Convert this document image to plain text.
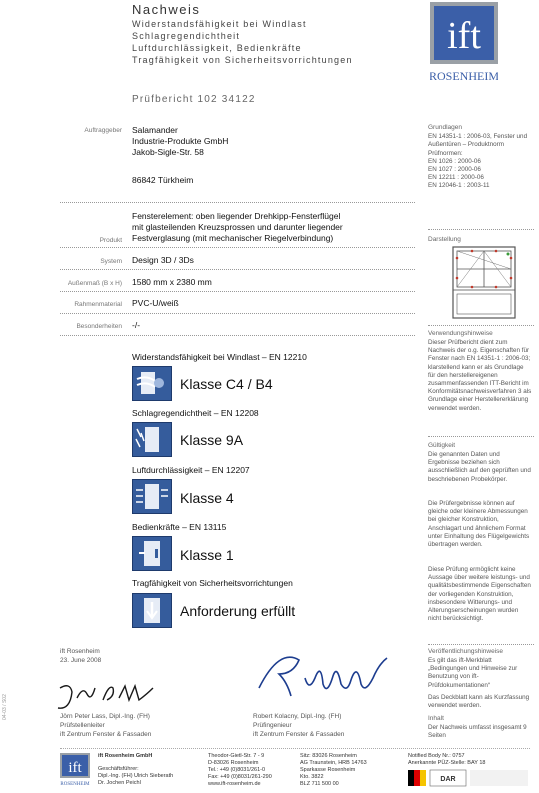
Nachweis
Widerstandsfähigkeit bei Windlast
Schlagregendichtheit
Luftdurchlässigkeit, Bedienkräfte
Tragfähigkeit von Sicherheitsvorrichtungen
Prüfbericht 102 34122
ift
ROSENHEIM
Auftraggeber Salamander
Industrie-Produkte GmbH
Jakob-Sigle-Str. 58
86842 Türkheim
Fensterelement: oben liegender Drehkipp-Fensterflügel
mit glasteilenden Kreuzsprossen und darunter liegender
Festverglasung (mit mechanischer Riegelverbindung)
Produkt
System Design 3D / 3Ds
Außenmaß (B x H) 1580 mm x 2380 mm
Rahmenmaterial PVC-U/weiß
Besonderheiten -/-
Widerstandsfähigkeit bei Windlast – EN 12210
Klasse C4 / B4
Schlagregendichtheit – EN 12208
Klasse 9A
Luftdurchlässigkeit – EN 12207
Klasse 4
Bedienkräfte – EN 13115
Klasse 1
Tragfähigkeit von Sicherheitsvorrichtungen
Anforderung erfüllt
Grundlagen
EN 14351-1 : 2006-03, Fenster und Außentüren – Produktnorm
Prüfnormen:
EN 1026 : 2000-06
EN 1027 : 2000-06
EN 12211 : 2000-06
EN 12046-1 : 2003-11
Darstellung
Verwendungshinweise
Dieser Prüfbericht dient zum Nachweis der o.g. Eigenschaften für Fenster nach EN 14351-1 : 2006-03; klarstellend kann er als Grundlage für den herstellereigenen zusammenfassenden ITT-Bericht im Konformitätsnachweisverfahren 3 als Grundlage einer Herstellererklärung verwendet werden.
Gültigkeit
Die genannten Daten und Ergebnisse beziehen sich ausschließlich auf den geprüften und beschriebenen Probekörper.
Die Prüfergebnisse können auf gleiche oder kleinere Abmessungen bei gleicher Konstruktion, Anschlagart und ähnlichem Format unter Einhaltung des Flügelgewichts übertragen werden.
Diese Prüfung ermöglicht keine Aussage über weitere leistungs- und qualitätsbestimmende Eigenschaften der vorliegenden Konstruktion, insbesondere Witterungs- und Alterungserscheinungen wurden nicht berücksichtigt.
Veröffentlichungshinweise
Es gilt das ift-Merkblatt „Bedingungen und Hinweise zur Benutzung von ift-Prüfdokumentationen“
Das Deckblatt kann als Kurzfassung verwendet werden.
Inhalt
Der Nachweis umfasst insgesamt 9 Seiten
ift Rosenheim
23. June 2008
Jörn Peter Lass, Dipl.-Ing. (FH)
Prüfstellenleiter
ift Zentrum Fenster & Fassaden
Robert Kolacny, Dipl.-Ing. (FH)
Prüfingenieur
ift Zentrum Fenster & Fassaden
ift
ROSENHEIM
ift Rosenheim GmbH
Geschäftsführer:
Dipl.-Ing. (FH) Ulrich Sieberath
Dr. Jochen Peichl
Theodor-Gietl-Str. 7 - 9
D-83026 Rosenheim
Tel.: +49 (0)8031/261-0
Fax: +49 (0)8031/261-290
www.ift-rosenheim.de
Sitz: 83026 Rosenheim
AG Traunstein, HRB 14763
Sparkasse Rosenheim
Kto. 3822
BLZ 711 500 00
Notified Body Nr.: 0757
Anerkannte PÜZ-Stelle: BAY 18
DAR
04-03 / S02
